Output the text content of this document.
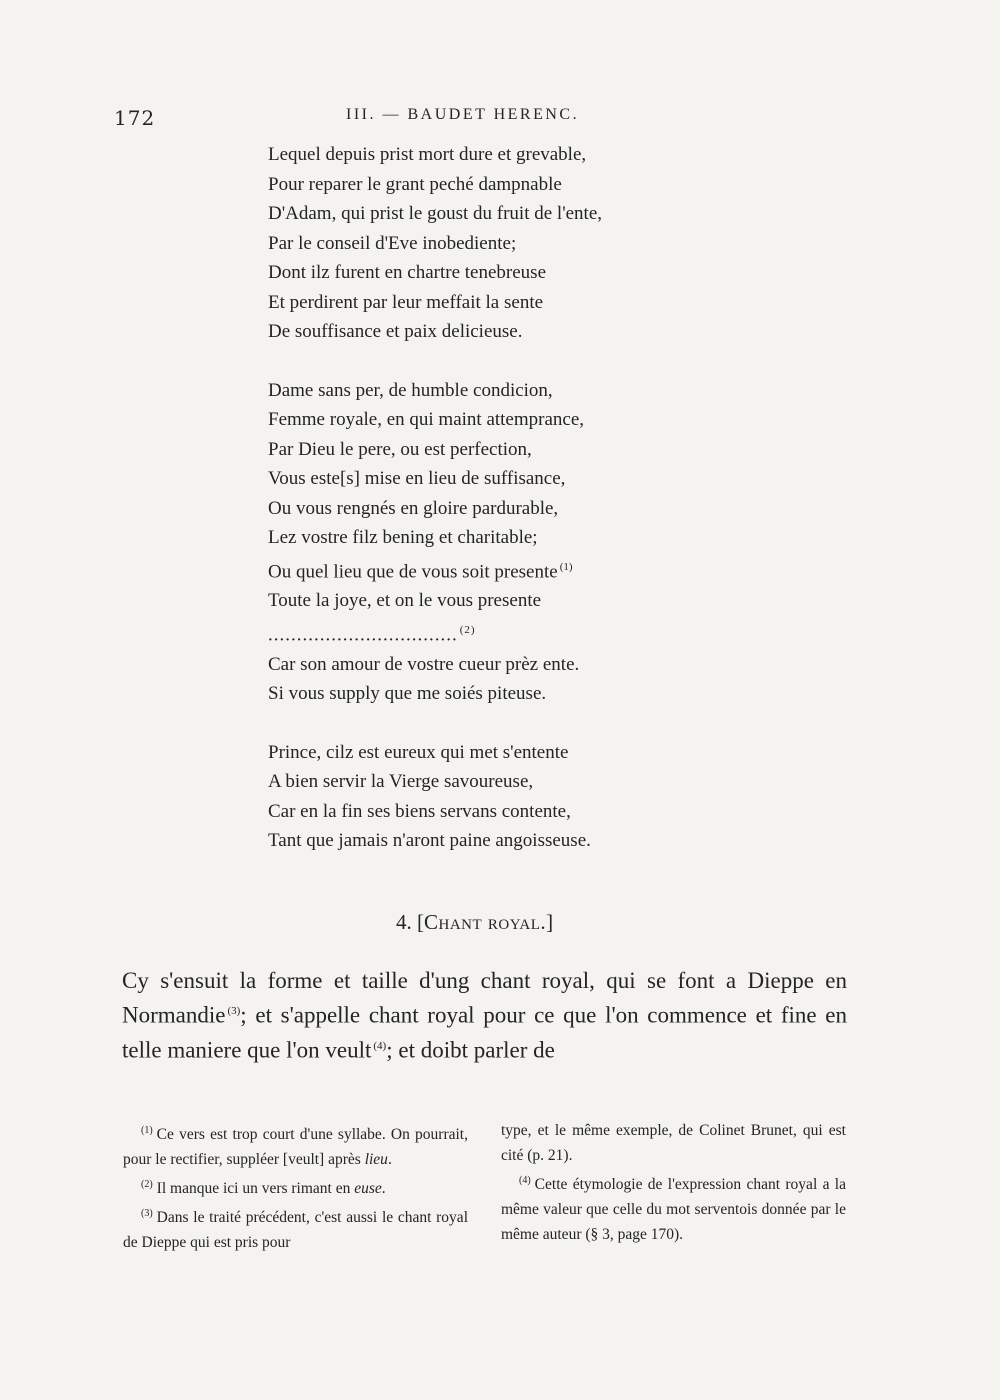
172	III. — BAUDET HERENC.
Lequel depuis prist mort dure et grevable,
Pour reparer le grant peché dampnable
D'Adam, qui prist le goust du fruit de l'ente,
Par le conseil d'Eve inobediente;
Dont ilz furent en chartre tenebreuse
Et perdirent par leur meffait la sente
De souffisance et paix delicieuse.
Dame sans per, de humble condicion,
Femme royale, en qui maint attemprance,
Par Dieu le pere, ou est perfection,
Vous este[s] mise en lieu de suffisance,
Ou vous rengnés en gloire pardurable,
Lez vostre filz bening et charitable;
Ou quel lieu que de vous soit presente $^{(1)}$
Toute la joye, et on le vous presente
................................. $^{(2)}$
Car son amour de vostre cueur prèz ente.
Si vous supply que me soiés piteuse.
Prince, cilz est eureux qui met s'entente
A bien servir la Vierge savoureuse,
Car en la fin ses biens servans contente,
Tant que jamais n'aront paine angoisseuse.
4. [Chant royal.]
Cy s'ensuit la forme et taille d'ung chant royal, qui se font a Dieppe en Normandie $^{(3)}$; et s'appelle chant royal pour ce que l'on commence et fine en telle maniere que l'on veult $^{(4)}$; et doibt parler de

$^{(1)}$ Ce vers est trop court d'une syllabe. On pourrait, pour le rectifier, suppléer [veult] après lieu.

$^{(2)}$ Il manque ici un vers rimant en euse.

$^{(3)}$ Dans le traité précédent, c'est aussi le chant royal de Dieppe qui est pris pour

type, et le même exemple, de Colinet Brunet, qui est cité (p. 21).

$^{(4)}$ Cette étymologie de l'expression chant royal a la même valeur que celle du mot serventois donnée par le même auteur (§ 3, page 170).
